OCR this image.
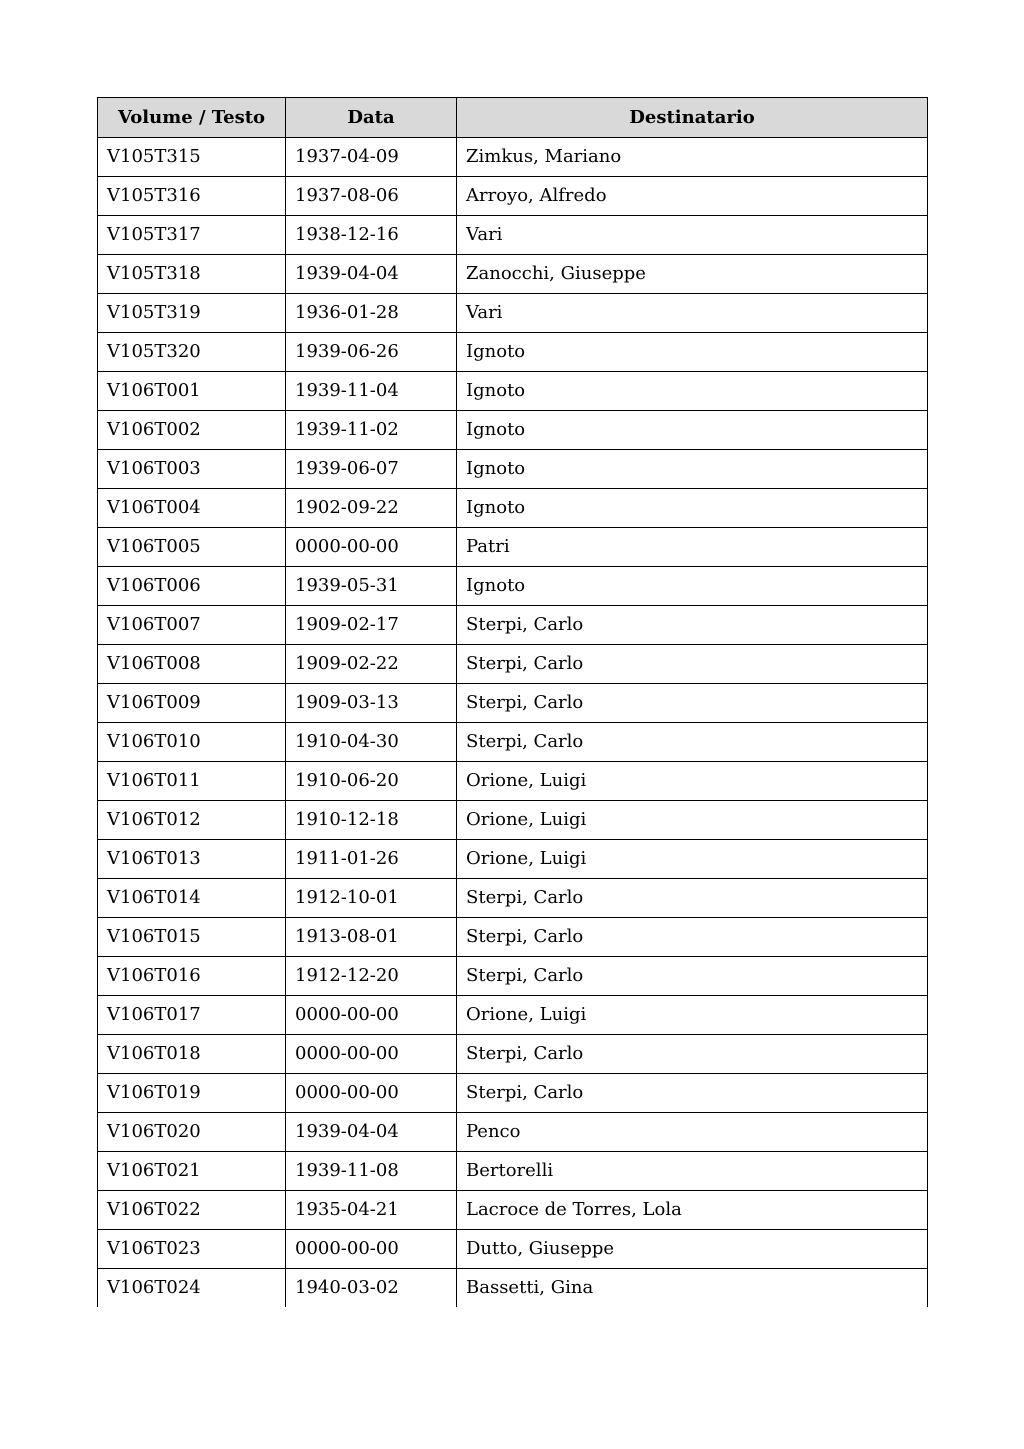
Volume / Testo	Data	Destinatario
V105T315	1937-04-09	Zimkus, Mariano
V105T316	1937-08-06	Arroyo, Alfredo
V105T317	1938-12-16	Vari
V105T318	1939-04-04	Zanocchi, Giuseppe
V105T319	1936-01-28	Vari
V105T320	1939-06-26	Ignoto
V106T001	1939-11-04	Ignoto
V106T002	1939-11-02	Ignoto
V106T003	1939-06-07	Ignoto
V106T004	1902-09-22	Ignoto
V106T005	0000-00-00	Patri
V106T006	1939-05-31	Ignoto
V106T007	1909-02-17	Sterpi, Carlo
V106T008	1909-02-22	Sterpi, Carlo
V106T009	1909-03-13	Sterpi, Carlo
V106T010	1910-04-30	Sterpi, Carlo
V106T011	1910-06-20	Orione, Luigi
V106T012	1910-12-18	Orione, Luigi
V106T013	1911-01-26	Orione, Luigi
V106T014	1912-10-01	Sterpi, Carlo
V106T015	1913-08-01	Sterpi, Carlo
V106T016	1912-12-20	Sterpi, Carlo
V106T017	0000-00-00	Orione, Luigi
V106T018	0000-00-00	Sterpi, Carlo
V106T019	0000-00-00	Sterpi, Carlo
V106T020	1939-04-04	Penco
V106T021	1939-11-08	Bertorelli
V106T022	1935-04-21	Lacroce de Torres, Lola
V106T023	0000-00-00	Dutto, Giuseppe
V106T024	1940-03-02	Bassetti, Gina
